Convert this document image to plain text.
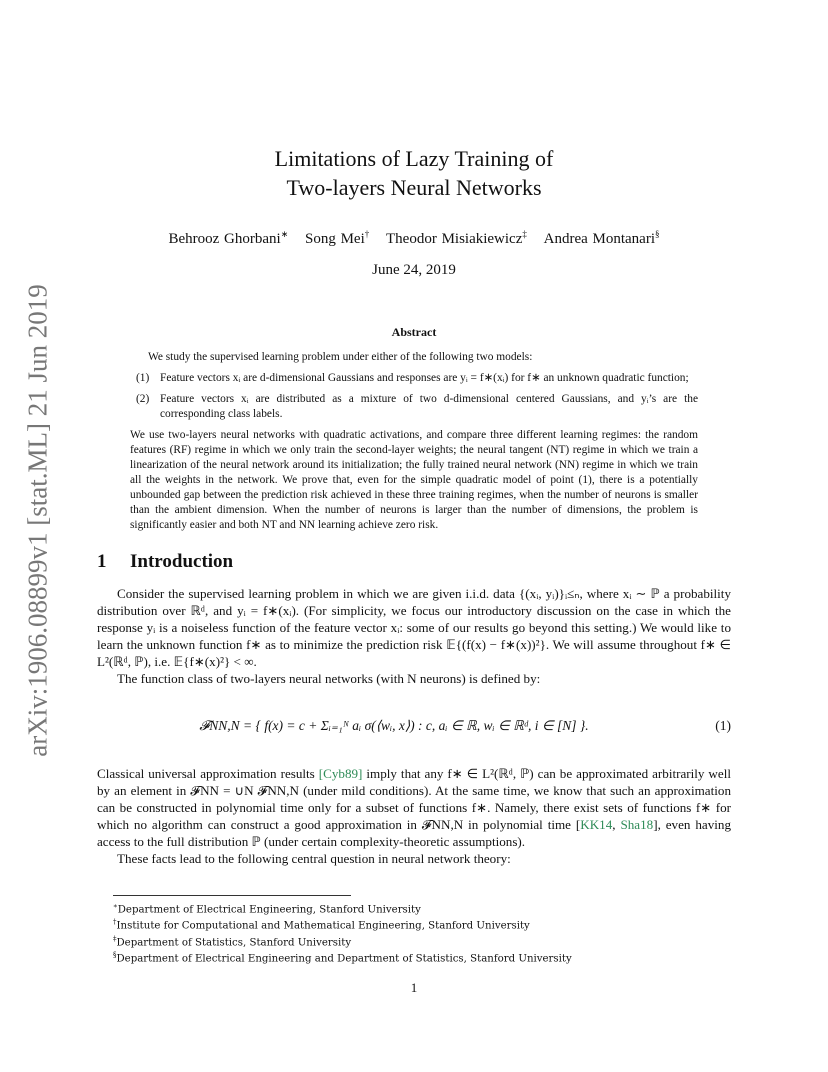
arXiv:1906.08899v1 [stat.ML] 21 Jun 2019
Limitations of Lazy Training of
Two-layers Neural Networks
Behrooz Ghorbani∗ Song Mei† Theodor Misiakiewicz‡ Andrea Montanari§
June 24, 2019
Abstract

We study the supervised learning problem under either of the following two models:

(1) Feature vectors xᵢ are d-dimensional Gaussians and responses are yᵢ = f∗(xᵢ) for f∗ an unknown quadratic function;
(2) Feature vectors xᵢ are distributed as a mixture of two d-dimensional centered Gaussians, and yᵢ’s are the corresponding class labels.

We use two-layers neural networks with quadratic activations, and compare three different learning regimes: the random features (RF) regime in which we only train the second-layer weights; the neural tangent (NT) regime in which we train a linearization of the neural network around its initialization; the fully trained neural network (NN) regime in which we train all the weights in the network. We prove that, even for the simple quadratic model of point (1), there is a potentially unbounded gap between the prediction risk achieved in these three training regimes, when the number of neurons is smaller than the ambient dimension. When the number of neurons is larger than the number of dimensions, the problem is significantly easier and both NT and NN learning achieve zero risk.

1 Introduction

Consider the supervised learning problem in which we are given i.i.d. data {(xᵢ, yᵢ)}ᵢ≤ₙ, where xᵢ ∼ ℙ a probability distribution over ℝᵈ, and yᵢ = f∗(xᵢ). (For simplicity, we focus our introductory discussion on the case in which the response yᵢ is a noiseless function of the feature vector xᵢ: some of our results go beyond this setting.) We would like to learn the unknown function f∗ as to minimize the prediction risk 𝔼{(f(x) − f∗(x))²}. We will assume throughout f∗ ∈ L²(ℝᵈ, ℙ), i.e. 𝔼{f∗(x)²} < ∞.

The function class of two-layers neural networks (with N neurons) is defined by:

𝓕NN,N = { f(x) = c + Σᵢ₌₁ᴺ aᵢ σ(⟨wᵢ, x⟩) : c, aᵢ ∈ ℝ, wᵢ ∈ ℝᵈ, i ∈ [N] }.	(1)

Classical universal approximation results [Cyb89] imply that any f∗ ∈ L²(ℝᵈ, ℙ) can be approximated arbitrarily well by an element in 𝓕NN = ∪N 𝓕NN,N (under mild conditions). At the same time, we know that such an approximation can be constructed in polynomial time only for a subset of functions f∗. Namely, there exist sets of functions f∗ for which no algorithm can construct a good approximation in 𝓕NN,N in polynomial time [KK14, Sha18], even having access to the full distribution ℙ (under certain complexity-theoretic assumptions).

These facts lead to the following central question in neural network theory:

∗Department of Electrical Engineering, Stanford University
†Institute for Computational and Mathematical Engineering, Stanford University
‡Department of Statistics, Stanford University
§Department of Electrical Engineering and Department of Statistics, Stanford University
1
